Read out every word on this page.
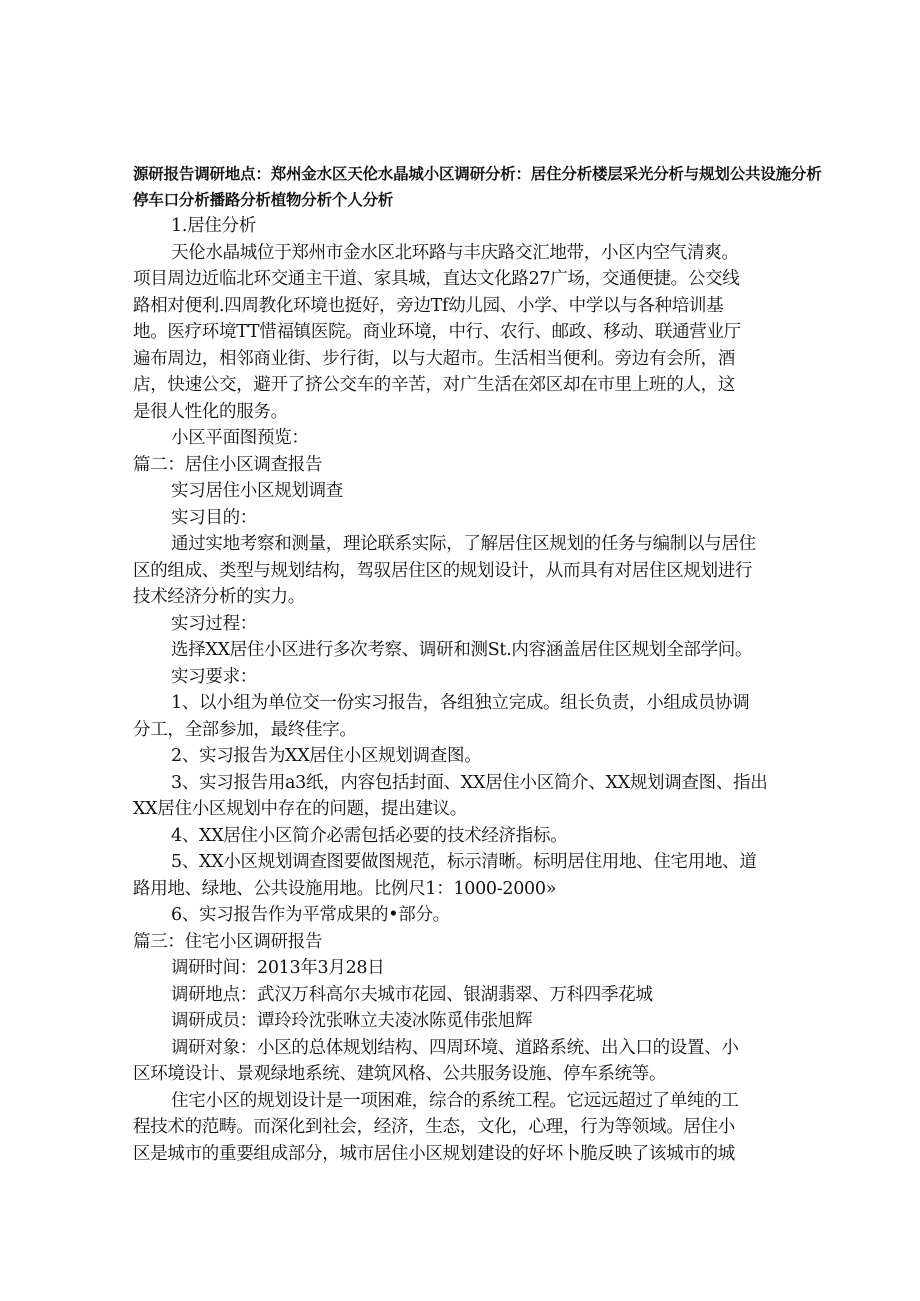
源研报告调研地点：郑州金水区天伦水晶城小区调研分析：居住分析楼层采光分析与规划公共设施分析
停车口分析播路分析植物分析个人分析
1.居住分析
天伦水晶城位于郑州市金水区北环路与丰庆路交汇地带，小区内空气清爽。
项目周边近临北环交通主干道、家具城，直达文化路27广场，交通便捷。公交线
路相对便利.四周教化环境也挺好，旁边Tf幼儿园、小学、中学以与各种培训基
地。医疗环境TT惜福镇医院。商业环境，中行、农行、邮政、移动、联通营业厅
遍布周边，相邻商业街、步行街，以与大超市。生活相当便利。旁边有会所，酒
店，快速公交，避开了挤公交车的辛苦，对广生活在郊区却在市里上班的人，这
是很人性化的服务。
小区平面图预览：
篇二：居住小区调查报告
实习居住小区规划调查
实习目的：
通过实地考察和测量，理论联系实际，了解居住区规划的任务与编制以与居住
区的组成、类型与规划结构，驾驭居住区的规划设计，从而具有对居住区规划进行
技术经济分析的实力。
实习过程：
选择XX居住小区进行多次考察、调研和测St.内容涵盖居住区规划全部学问。
实习要求：
1、以小组为单位交一份实习报告，各组独立完成。组长负责，小组成员协调
分工，全部参加，最终佳字。
2、实习报告为XX居住小区规划调查图。
3、实习报告用a3纸，内容包括封面、XX居住小区简介、XX规划调查图、指出
XX居住小区规划中存在的问题，提出建议。
4、XX居住小区简介必需包括必要的技术经济指标。
5、XX小区规划调查图要做图规范，标示清晰。标明居住用地、住宅用地、道
路用地、绿地、公共设施用地。比例尺1：1000-2000»
6、实习报告作为平常成果的•部分。
篇三：住宅小区调研报告
调研时间：2013年3月28日
调研地点：武汉万科高尔夫城市花园、银湖翡翠、万科四季花城
调研成员：谭玲玲沈张咻立夫凌冰陈觅伟张旭辉
调研对象：小区的总体规划结构、四周环境、道路系统、出入口的设置、小
区环境设计、景观绿地系统、建筑风格、公共服务设施、停车系统等。
住宅小区的规划设计是一项困难，综合的系统工程。它远远超过了单纯的工
程技术的范畴。而深化到社会，经济，生态，文化，心理，行为等领域。居住小
区是城市的重要组成部分，城市居住小区规划建设的好坏卜脆反映了该城市的城
